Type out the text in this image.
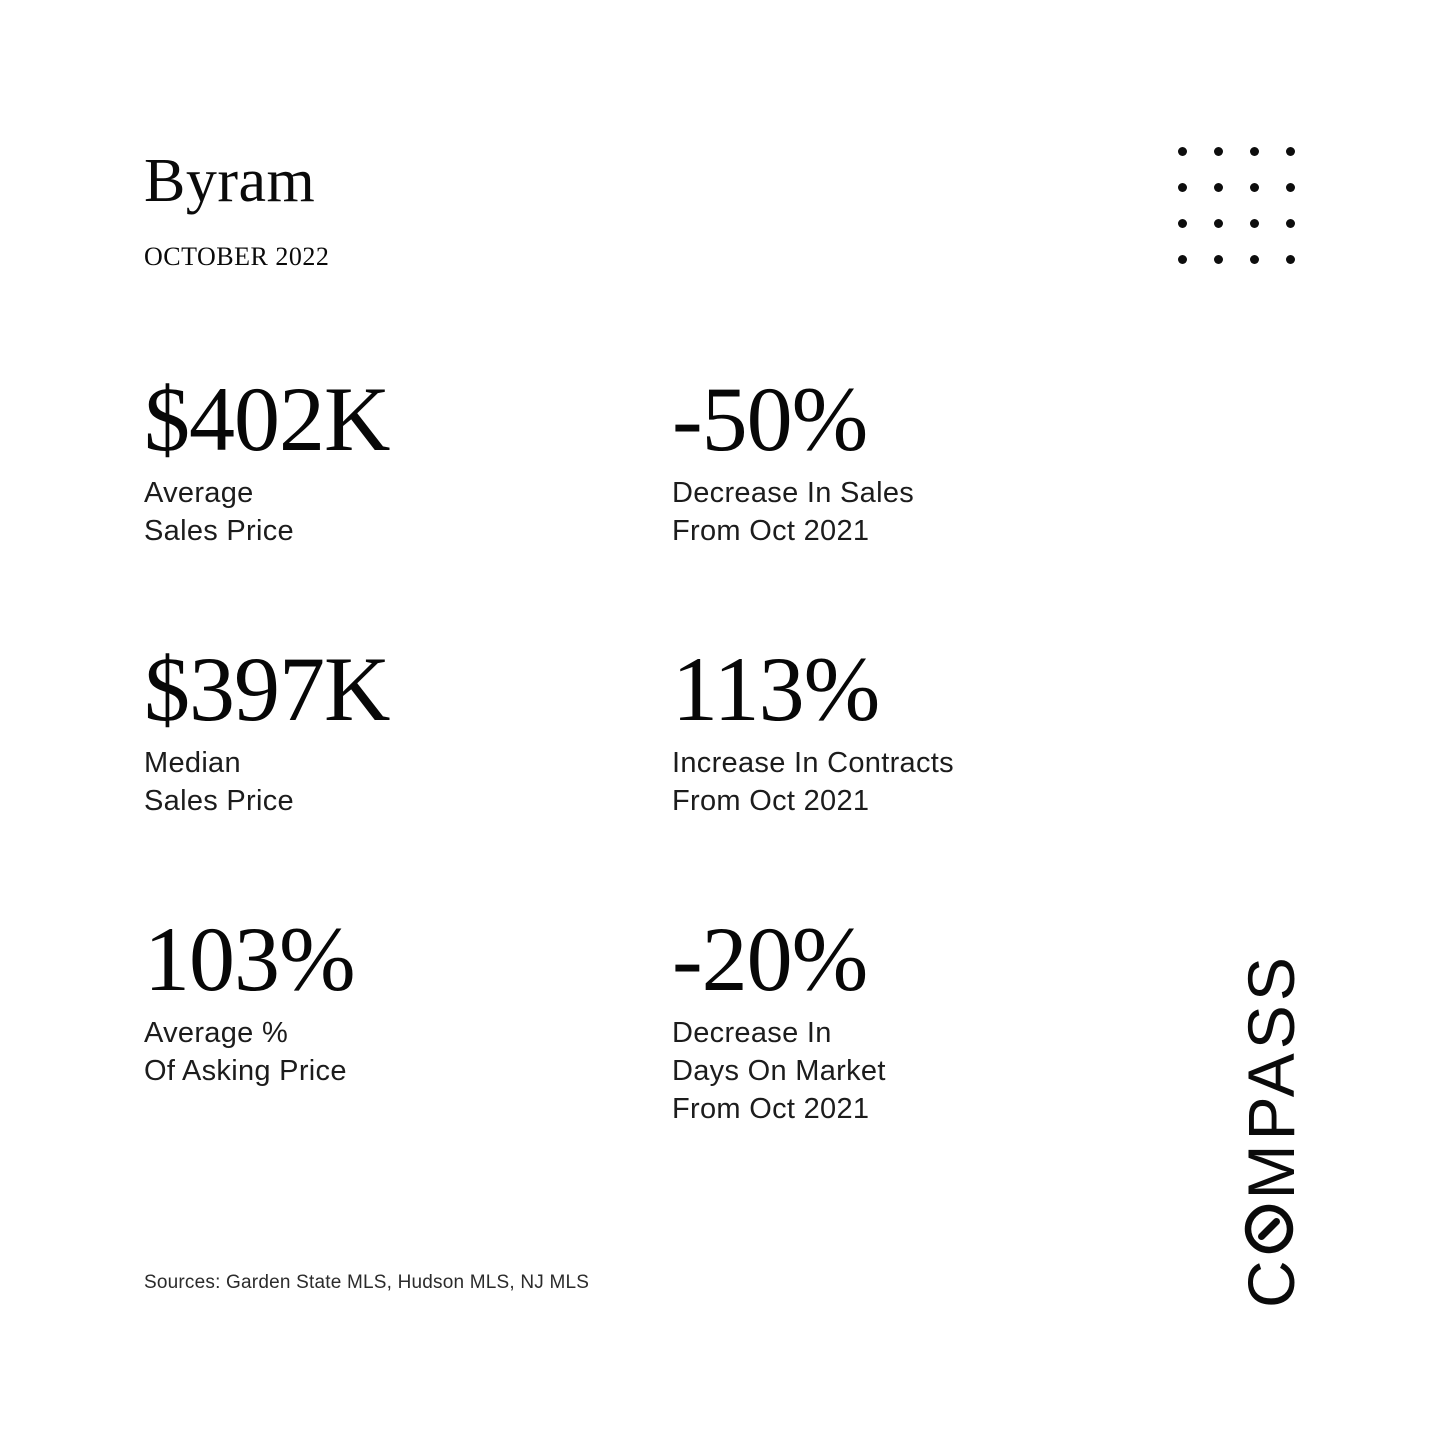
Byram
OCTOBER 2022
$402K
Average
Sales Price
-50%
Decrease In Sales
From Oct 2021
$397K
Median
Sales Price
113%
Increase In Contracts
From Oct 2021
103%
Average %
Of Asking Price
-20%
Decrease In
Days On Market
From Oct 2021
Sources: Garden State MLS, Hudson MLS, NJ MLS	CMPASS
